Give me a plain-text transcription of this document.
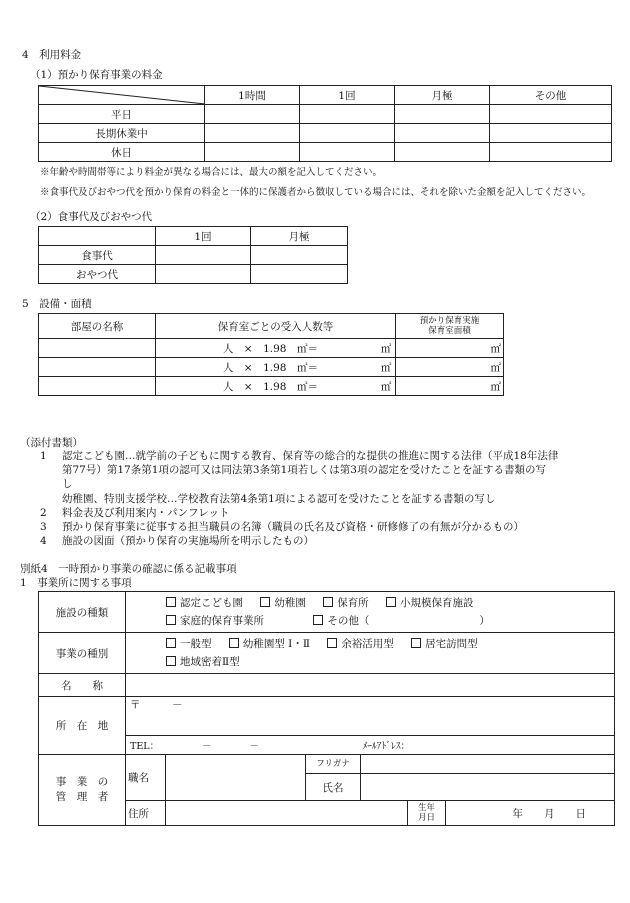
4　利用料金
（1）預かり保育事業の料金
	1時間	1回	月極	その他
平日				
長期休業中				
休日				
※年齢や時間帯等により料金が異なる場合には、最大の額を記入してください。
※食事代及びおやつ代を預かり保育の料金と一体的に保護者から徴収している場合には、それを除いた金額を記入してください。
（2）食事代及びおやつ代
	1回	月極
食事代		
おやつ代		
5　設備・面積
部屋の名称	保育室ごとの受入人数等	預かり保育実施
保育室面積

	人　×　1.98　㎡＝ ㎡	㎡
	人　×　1.98　㎡＝ ㎡	㎡
	人　×　1.98　㎡＝ ㎡	㎡
（添付書類）
1 認定こども園…就学前の子どもに関する教育、保育等の総合的な提供の推進に関する法律（平成18年法律
第77号）第17条第1項の認可又は同法第3条第1項若しくは第3項の認定を受けたことを証する書類の写
し
幼稚園、特別支援学校…学校教育法第4条第1項による認可を受けたことを証する書類の写し
2 料金表及び利用案内・パンフレット
3 預かり保育事業に従事する担当職員の名簿（職員の氏名及び資格・研修修了の有無が分かるもの）
4 施設の図面（預かり保育の実施場所を明示したもの）
別紙4　一時預かり事業の確認に係る記載事項
1　事業所に関する事項
施設の種類	認定こども園 幼稚園 保育所 小規模保育施設
家庭的保育事業所 その他（ ）					

事業の種別	一般型 幼稚園型 Ⅰ・Ⅱ 余裕活用型 居宅訪問型
地域密着Ⅱ型					

名　　称						
所　在　地	〒　　　－					
	TEL：　　　　　－　　　　－			ﾒｰﾙｱﾄﾞﾚｽ：		

事　業　の
管　理　者	職名		フリガナ			
			氏名			
	住所				生年
月日	年　　月　　日
